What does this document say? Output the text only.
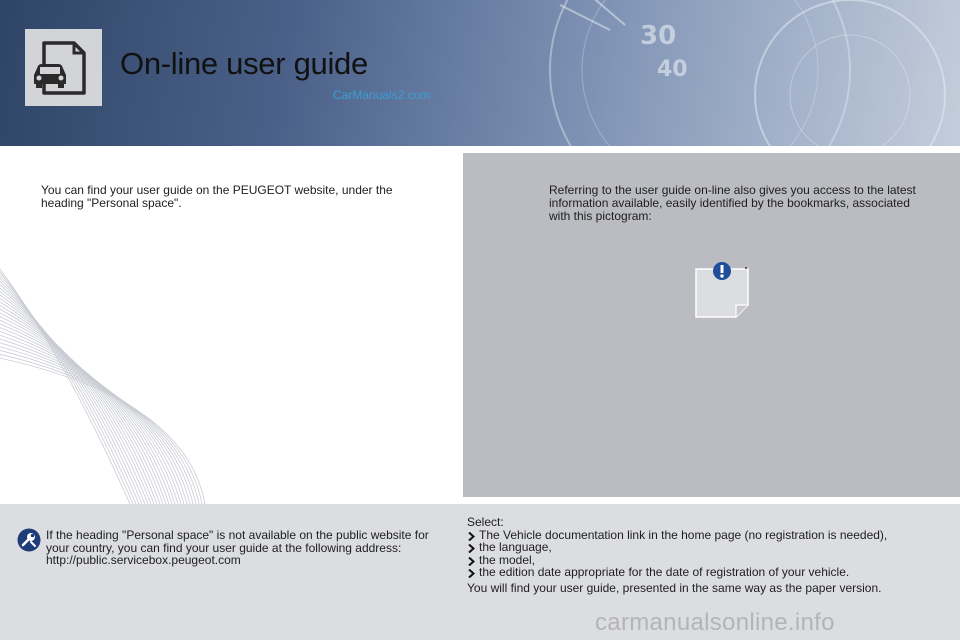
30
40
On-line user guide
CarManuals2.com
You can find your user guide on the PEUGEOT website, under the heading "Personal space".
Referring to the user guide on-line also gives you access to the latest information available, easily identified by the bookmarks, associated with this pictogram:
If the heading "Personal space" is not available on the public website for your country, you can find your user guide at the following address:
http://public.servicebox.peugeot.com
Select:
The Vehicle documentation link in the home page (no registration is needed),
the language,
the model,
the edition date appropriate for the date of registration of your vehicle.
You will find your user guide, presented in the same way as the paper version.
carmanualsonline.info
